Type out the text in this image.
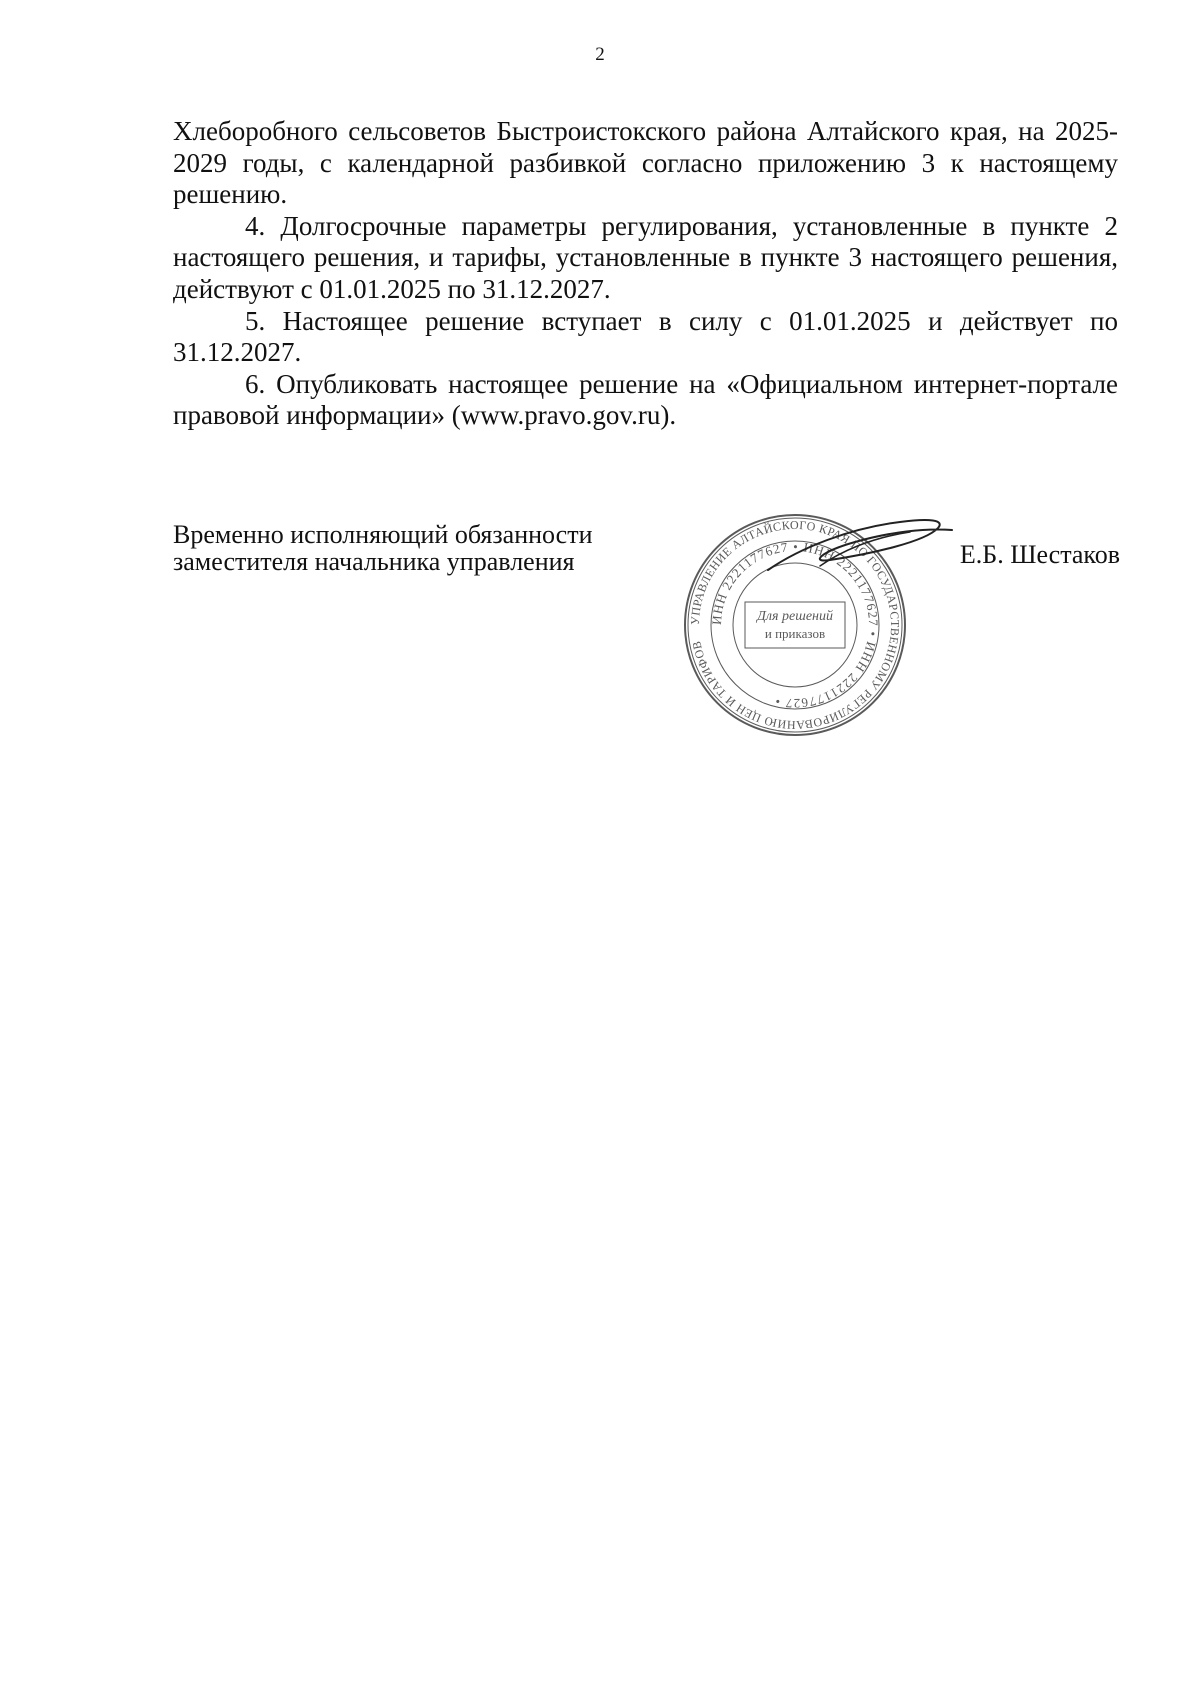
2

Хлеборобного сельсоветов Быстроистокского района Алтайского края, на 2025-2029 годы, с календарной разбивкой согласно приложению 3 к настоящему решению.

4. Долгосрочные параметры регулирования, установленные в пункте 2 настоящего решения, и тарифы, установленные в пункте 3 настоящего решения, действуют с 01.01.2025 по 31.12.2027.

5. Настоящее решение вступает в силу с 01.01.2025 и действует по 31.12.2027.

6. Опубликовать настоящее решение на «Официальном интернет-портале правовой информации» (www.pravo.gov.ru).

Временно исполняющий обязанности
заместителя начальника управления
УПРАВЛЕНИЕ АЛТАЙСКОГО КРАЯ ПО ГОСУДАРСТВЕННОМУ РЕГУЛИРОВАНИЮ ЦЕН И ТАРИФОВ
ИНН 2221177627 • ИНН 2221177627 • ИНН 2221177627 •
Для решений
и приказов
Е.Б. Шестаков
